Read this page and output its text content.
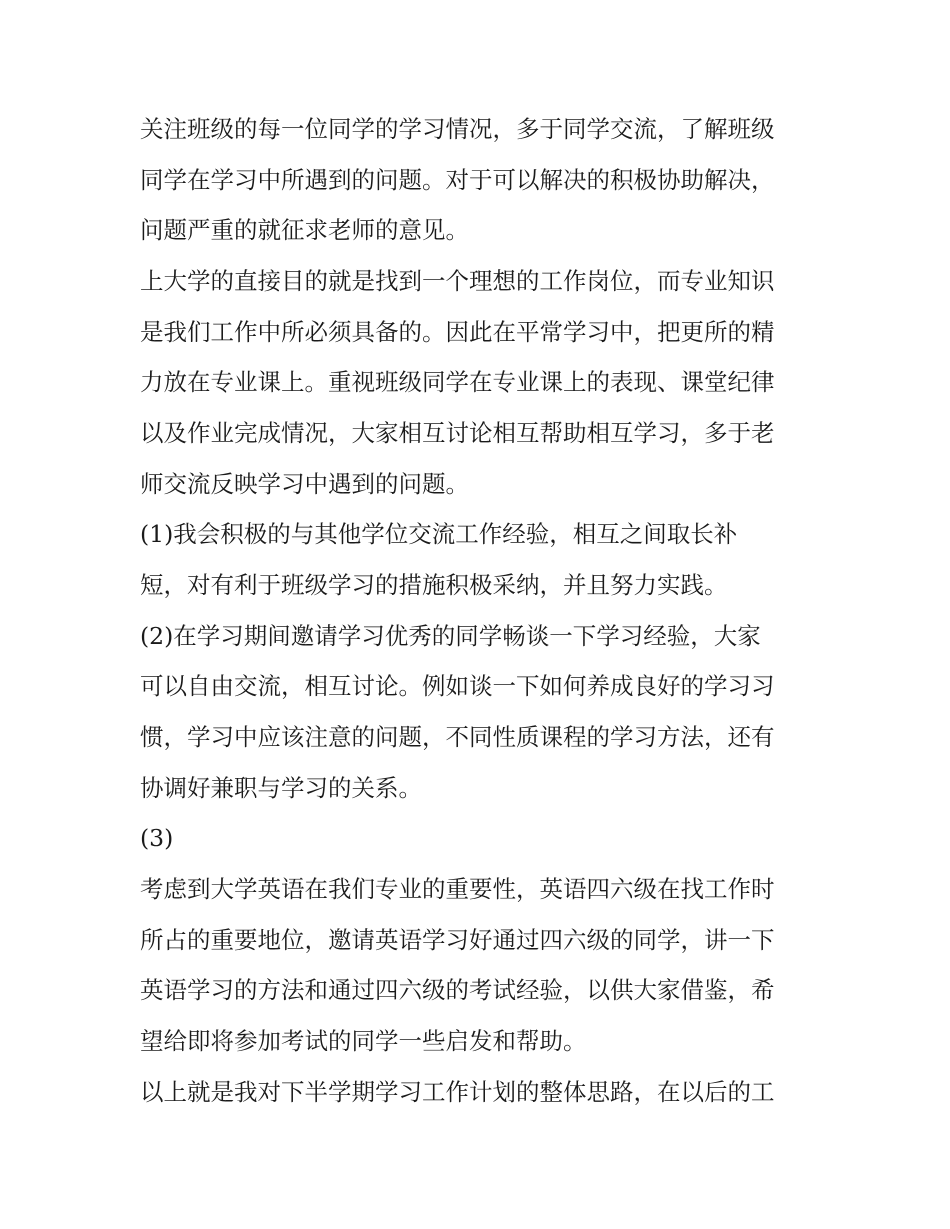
关注班级的每一位同学的学习情况，多于同学交流，了解班级
同学在学习中所遇到的问题。对于可以解决的积极协助解决，
问题严重的就征求老师的意见。
上大学的直接目的就是找到一个理想的工作岗位，而专业知识
是我们工作中所必须具备的。因此在平常学习中，把更所的精
力放在专业课上。重视班级同学在专业课上的表现、课堂纪律
以及作业完成情况，大家相互讨论相互帮助相互学习，多于老
师交流反映学习中遇到的问题。
(1)我会积极的与其他学位交流工作经验，相互之间取长补
短，对有利于班级学习的措施积极采纳，并且努力实践。
(2)在学习期间邀请学习优秀的同学畅谈一下学习经验，大家
可以自由交流，相互讨论。例如谈一下如何养成良好的学习习
惯，学习中应该注意的问题，不同性质课程的学习方法，还有
协调好兼职与学习的关系。
(3)
考虑到大学英语在我们专业的重要性，英语四六级在找工作时
所占的重要地位，邀请英语学习好通过四六级的同学，讲一下
英语学习的方法和通过四六级的考试经验，以供大家借鉴，希
望给即将参加考试的同学一些启发和帮助。
以上就是我对下半学期学习工作计划的整体思路，在以后的工
